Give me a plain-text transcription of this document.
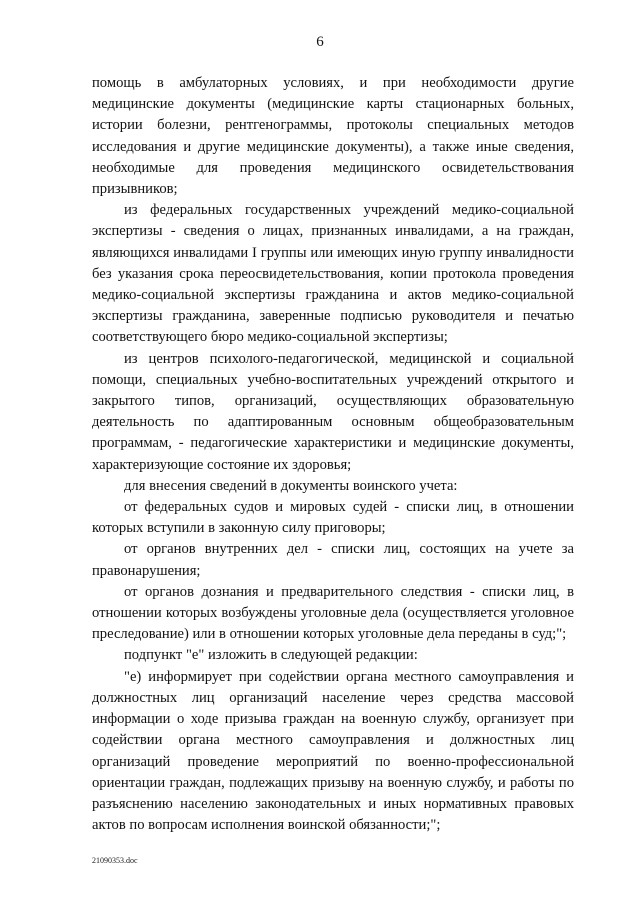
6

помощь в амбулаторных условиях, и при необходимости другие медицинские документы (медицинские карты стационарных больных, истории болезни, рентгенограммы, протоколы специальных методов исследования и другие медицинские документы), а также иные сведения, необходимые для проведения медицинского освидетельствования призывников;

из федеральных государственных учреждений медико-социальной экспертизы - сведения о лицах, признанных инвалидами, а на граждан, являющихся инвалидами I группы или имеющих иную группу инвалидности без указания срока переосвидетельствования, копии протокола проведения медико-социальной экспертизы гражданина и актов медико-социальной экспертизы гражданина, заверенные подписью руководителя и печатью соответствующего бюро медико-социальной экспертизы;

из центров психолого-педагогической, медицинской и социальной помощи, специальных учебно-воспитательных учреждений открытого и закрытого типов, организаций, осуществляющих образовательную деятельность по адаптированным основным общеобразовательным программам, - педагогические характеристики и медицинские документы, характеризующие состояние их здоровья;

для внесения сведений в документы воинского учета:

от федеральных судов и мировых судей - списки лиц, в отношении которых вступили в законную силу приговоры;

от органов внутренних дел - списки лиц, состоящих на учете за правонарушения;

от органов дознания и предварительного следствия - списки лиц, в отношении которых возбуждены уголовные дела (осуществляется уголовное преследование) или в отношении которых уголовные дела переданы в суд;";

подпункт "е" изложить в следующей редакции:

"е) информирует при содействии органа местного самоуправления и должностных лиц организаций население через средства массовой информации о ходе призыва граждан на военную службу, организует при содействии органа местного самоуправления и должностных лиц организаций проведение мероприятий по военно-профессиональной ориентации граждан, подлежащих призыву на военную службу, и работы по разъяснению населению законодательных и иных нормативных правовых актов по вопросам исполнения воинской обязанности;";

21090353.doc
